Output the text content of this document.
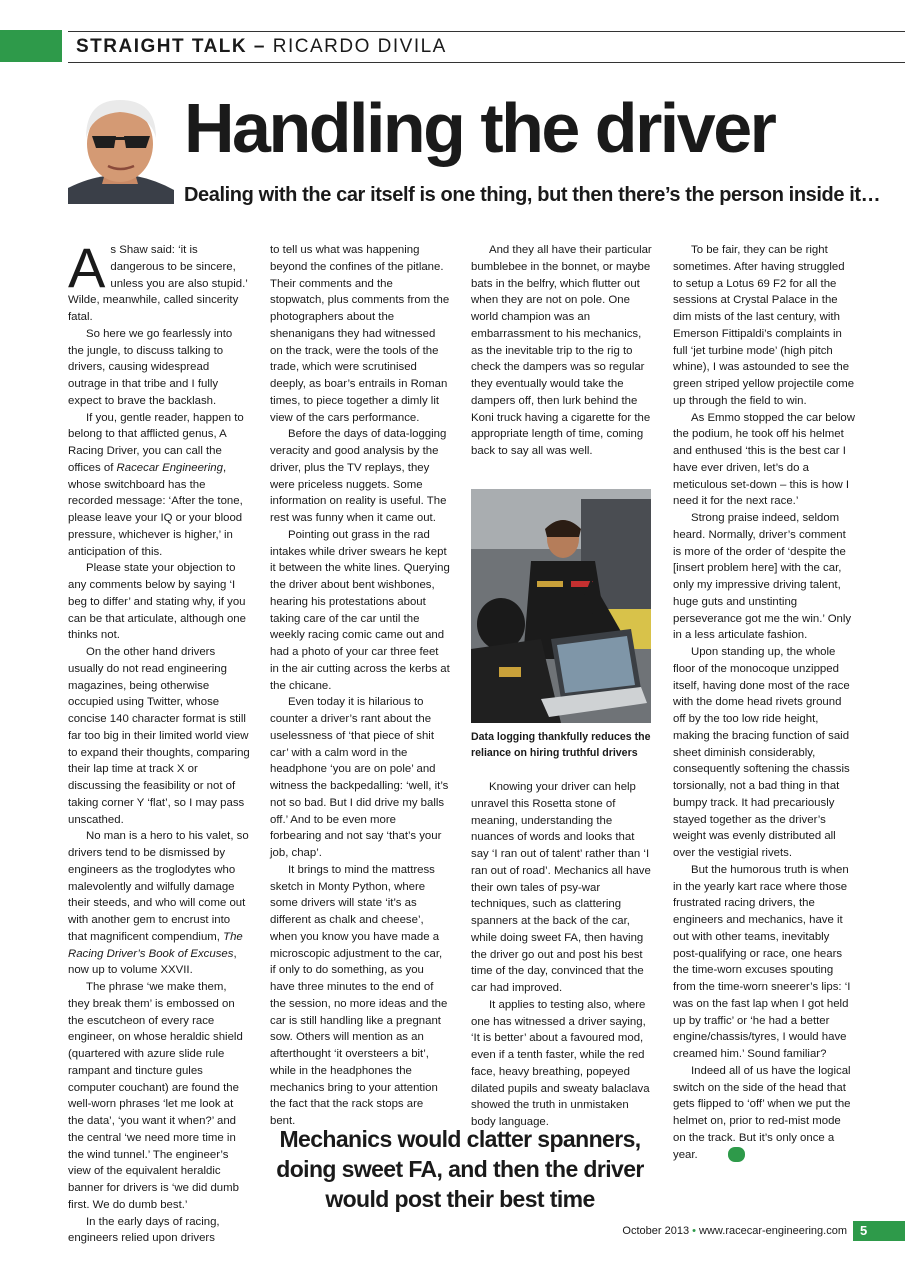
STRAIGHT TALK – RICARDO DIVILA
Handling the driver
Dealing with the car itself is one thing, but then there’s the person inside it…

As Shaw said: ‘it is dangerous to be sincere, unless you are also stupid.’ Wilde, meanwhile, called sincerity fatal.

So here we go fearlessly into the jungle, to discuss talking to drivers, causing widespread outrage in that tribe and I fully expect to brave the backlash.

If you, gentle reader, happen to belong to that afflicted genus, A Racing Driver, you can call the offices of Racecar Engineering, whose switchboard has the recorded message: ‘After the tone, please leave your IQ or your blood pressure, whichever is higher,’ in anticipation of this.

Please state your objection to any comments below by saying ‘I beg to differ’ and stating why, if you can be that articulate, although one thinks not.

On the other hand drivers usually do not read engineering magazines, being otherwise occupied using Twitter, whose concise 140 character format is still far too big in their limited world view to expand their thoughts, comparing their lap time at track X or discussing the feasibility or not of taking corner Y ‘flat’, so I may pass unscathed.

No man is a hero to his valet, so drivers tend to be dismissed by engineers as the troglodytes who malevolently and wilfully damage their steeds, and who will come out with another gem to encrust into that magnificent compendium, The Racing Driver’s Book of Excuses, now up to volume XXVII.

The phrase ‘we make them, they break them’ is embossed on the escutcheon of every race engineer, on whose heraldic shield (quartered with azure slide rule rampant and tincture gules computer couchant) are found the well-worn phrases ‘let me look at the data’, ‘you want it when?’ and the central ‘we need more time in the wind tunnel.’ The engineer’s view of the equivalent heraldic banner for drivers is ‘we did dumb first. We do dumb best.’

In the early days of racing, engineers relied upon drivers

to tell us what was happening beyond the confines of the pitlane. Their comments and the stopwatch, plus comments from the photographers about the shenanigans they had witnessed on the track, were the tools of the trade, which were scrutinised deeply, as boar’s entrails in Roman times, to piece together a dimly lit view of the cars performance.

Before the days of data-logging veracity and good analysis by the driver, plus the TV replays, they were priceless nuggets. Some information on reality is useful. The rest was funny when it came out.

Pointing out grass in the rad intakes while driver swears he kept it between the white lines. Querying the driver about bent wishbones, hearing his protestations about taking care of the car until the weekly racing comic came out and had a photo of your car three feet in the air cutting across the kerbs at the chicane.

Even today it is hilarious to counter a driver’s rant about the uselessness of ‘that piece of shit car’ with a calm word in the headphone ‘you are on pole’ and witness the backpedalling: ‘well, it’s not so bad. But I did drive my balls off.’ And to be even more forbearing and not say ‘that’s your job, chap’.

It brings to mind the mattress sketch in Monty Python, where some drivers will state ‘it’s as different as chalk and cheese’, when you know you have made a microscopic adjustment to the car, if only to do something, as you have three minutes to the end of the session, no more ideas and the car is still handling like a pregnant sow. Others will mention as an afterthought ‘it oversteers a bit’, while in the headphones the mechanics bring to your attention the fact that the rack stops are bent.

And they all have their particular bumblebee in the bonnet, or maybe bats in the belfry, which flutter out when they are not on pole. One world champion was an embarrassment to his mechanics, as the inevitable trip to the rig to check the dampers was so regular they eventually would take the dampers off, then lurk behind the Koni truck having a cigarette for the appropriate length of time, coming back to say all was well.

Data logging thankfully reduces the reliance on hiring truthful drivers

Knowing your driver can help unravel this Rosetta stone of meaning, understanding the nuances of words and looks that say ‘I ran out of talent’ rather than ‘I ran out of road’. Mechanics all have their own tales of psy-war techniques, such as clattering spanners at the back of the car, while doing sweet FA, then having the driver go out and post his best time of the day, convinced that the car had improved.

It applies to testing also, where one has witnessed a driver saying, ‘It is better’ about a favoured mod, even if a tenth faster, while the red face, heavy breathing, popeyed dilated pupils and sweaty balaclava showed the truth in unmistaken body language.

To be fair, they can be right sometimes. After having struggled to setup a Lotus 69 F2 for all the sessions at Crystal Palace in the dim mists of the last century, with Emerson Fittipaldi’s complaints in full ‘jet turbine mode’ (high pitch whine), I was astounded to see the green striped yellow projectile come up through the field to win.

As Emmo stopped the car below the podium, he took off his helmet and enthused ‘this is the best car I have ever driven, let’s do a meticulous set-down – this is how I need it for the next race.’

Strong praise indeed, seldom heard. Normally, driver’s comment is more of the order of ‘despite the [insert problem here] with the car, only my impressive driving talent, huge guts and unstinting perseverance got me the win.’ Only in a less articulate fashion.

Upon standing up, the whole floor of the monocoque unzipped itself, having done most of the race with the dome head rivets ground off by the too low ride height, making the bracing function of said sheet diminish considerably, consequently softening the chassis torsionally, not a bad thing in that bumpy track. It had precariously stayed together as the driver’s weight was evenly distributed all over the vestigial rivets.

But the humorous truth is when in the yearly kart race where those frustrated racing drivers, the engineers and mechanics, have it out with other teams, inevitably post-qualifying or race, one hears the time-worn excuses spouting from the time-worn sneerer’s lips: ‘I was on the fast lap when I got held up by traffic’ or ‘he had a better engine/chassis/tyres, I would have creamed him.’ Sound familiar?

Indeed all of us have the logical switch on the side of the head that gets flipped to ‘off’ when we put the helmet on, prior to red-mist mode on the track. But it’s only once a year.	R

Mechanics would clatter spanners, doing sweet FA, and then the driver would post their best time
October 2013 • www.racecar-engineering.com	5
